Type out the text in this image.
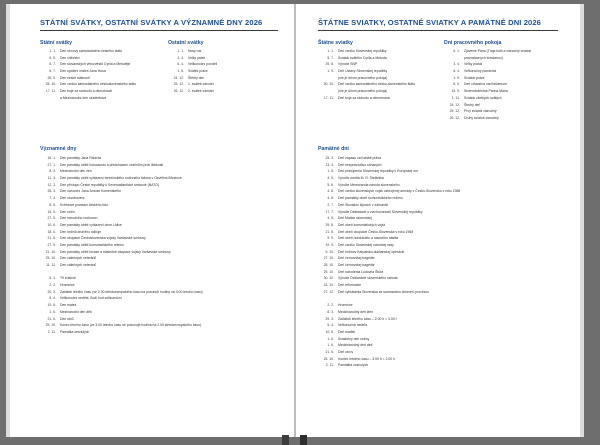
STÁTNÍ SVÁTKY, OSTATNÍ SVÁTKY A VÝZNAMNÉ DNY 2026
Státní svátky
1. 1.	Den obnovy samostatného českého státu
6. 5.	Den vítězství
5. 7.	Den slovanských věrozvěstů Cyrila a Metoděje
6. 7.	Den upálení mistra Jana Husa
28. 9.	Den české státnosti
28. 10.	Den vzniku samostatného československého státu
17. 11.	Den boje za svobodu a demokracii
a Mezinárodní den studentstva
Ostatní svátky
1. 1.	Nový rok
3. 4.	Velký pátek
6. 4.	Velikonoční pondělí
1. 5.	Svátek práce
24. 12.	Štědrý den
25. 12.	1. svátek vánoční
26. 12.	2. svátek vánoční
Významné dny
16. 1.	Den památky Jana Palacha
27. 1.	Den památky obětí holocaustu a předcházení zločinům proti lidskosti
8. 3.	Mezinárodní den žen
11. 3.	Den památky obětí vyhlazení terezínského rodinného tábora v Osvětimi-Březince
12. 3.	Den přístupu České republiky k Severoatlantické smlouvě (NATO)
28. 3.	Den narození Jana Ámose Komenského
7. 4.	Den osvobození
5. 5.	Květnové povstání českého lidu
15. 5.	Den rodin
27. 5.	Den národního rozhovoru
10. 6.	Den památky obětí vyhlazení obce Lidice
18. 6.	Den hrdinů druhého odboje
21. 8.	Den okupace Československa vojsky Varšavské smlouvy
27. 9.	Den památky obětí komunistického režimu
21. 10.	Den památky obětí invaze a následné okupace vojsky Varšavské smlouvy
25. 10.	Den válečných veteránů
11. 11.	Den válečných veteránů
6. 1.	Tři králové
2. 2.	Hromnice
20. 3.	Začátek letního času (ve 2.00 středoevropského času na posunutí hodiny na 3.00 letního času)
5. 4.	Velikonoční neděle, Boží hod velikonoční
10. 5.	Den matek
1. 6.	Mezinárodní den dětí
21. 6.	Den otců
25. 10.	Konec letního času (ve 3.00 letního času se posunuje hodina na 2.00 středoevropského času)
2. 11.	Památka zesnulých
ŠTÁTNE SVIATKY, OSTATNÉ SVIATKY A PAMÄTNÉ DNI 2026
Štátne sviatky
1. 1.	Deň vzniku Slovenskej republiky
5. 7.	Sviatok svätého Cyrila a Metoda
29. 8.	Výročie SNP
1. 9.	Deň Ústavy Slovenskej republiky
(nie je dňom pracovného pokoja)
30. 10.	Deň vzniku samostatného česko-slovenského štátu
(nie je dňom pracovného pokoja)
17. 11.	Deň boja za slobodu a demokraciu
Dni pracovného pokoja
6. 1.	Zjavenie Pána (Traja králi a vianočný sviatok
pravoslávnych kresťanov)
3. 4.	Veľký piatok
6. 4.	Veľkonočný pondelok
1. 5.	Sviatok práce
8. 5.	Deň víťazstva nad fašizmom
15. 9.	Sedembolestná Panna Mária
1. 11.	Sviatok všetkých svätých
24. 12.	Štedrý deň
25. 12.	Prvý sviatok vianočný
26. 12.	Druhý sviatok vianočný
Pamätné dni
25. 3.	Deň zápasu za ľudské práva
13. 4.	Deň nespravodlivo stíhaných
1. 5.	Deň pristúpenia Slovenskej republiky k Európskej únii
4. 5.	Výročie úmrtia M. R. Štefánika
5. 6.	Výročie Memoranda národa slovenského
4. 8.	Deň vzniku slovenských vojsk ozbrojenej armády v Česko-Slovensku v roku 1968
4. 8.	Deň pamiatky obetí komunistického režimu
2. 7.	Deň Slovákov žijúcich v zahraničí
17. 7.	Výročie Deklarácie o zvrchovanosti Slovenskej republiky
4. 8.	Deň Matice slovenskej
29. 8.	Deň obetí komunistických vojsk
21. 8.	Deň obetí okupácie Česko-Slovenska v roku 1968
9. 9.	Deň obetí holokaustu a rasového násilia
19. 9.	Deň vzniku Slovenskej národnej rady
6. 10.	Deň hrdinov Karpatsko-duklianskej operácie
27. 10.	Deň černovskej tragédie
28. 10.	Deň černovskej tragédie
29. 10.	Deň narodenia Ľudovíta Štúra
30. 10.	Výročie Deklarácie slovenského národa
31. 10.	Deň reformácie
27. 12.	Deň vyhlásenia Slovenska za samostatnú cirkevnú provinciu
2. 2.	Hromnice
8. 3.	Medzinárodný deň žien
29. 3.	Začiatok letného času – 2.00 h = 3.00 h
5. 4.	Veľkonočná nedeľa
10. 5.	Deň matiek
1. 6.	Sviatočný deň rodiny
1. 6.	Medzinárodný deň detí
21. 6.	Deň otcov
25. 10.	Koniec letného času – 3.00 h = 2.00 h
2. 11.	Pamiatka zosnulých
